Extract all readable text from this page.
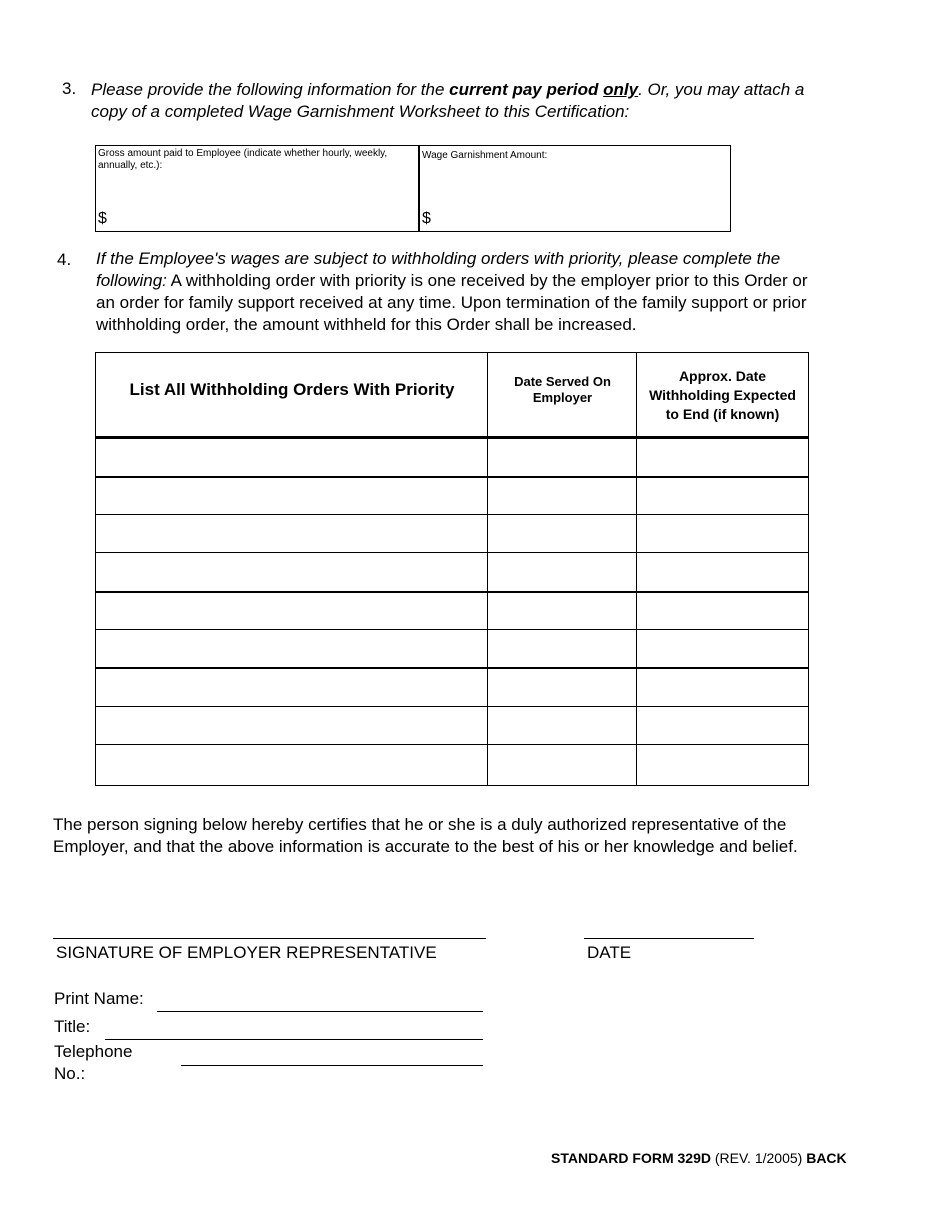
3. Please provide the following information for the current pay period only. Or, you may attach a
copy of a completed Wage Garnishment Worksheet to this Certification:
Gross amount paid to Employee (indicate whether hourly, weekly, annually, etc.):
$
Wage Garnishment Amount:
$
4. If the Employee's wages are subject to withholding orders with priority, please complete the
following: A withholding order with priority is one received by the employer prior to this Order or
an order for family support received at any time. Upon termination of the family support or prior
withholding order, the amount withheld for this Order shall be increased.
List All Withholding Orders With Priority	Date Served On Employer
Approx. Date Withholding Expected to End (if known)
The person signing below hereby certifies that he or she is a duly authorized representative of the
Employer, and that the above information is accurate to the best of his or her knowledge and belief.
SIGNATURE OF EMPLOYER REPRESENTATIVE	DATE
Print Name:
Title:
Telephone
No.:
STANDARD FORM 329D (REV. 1/2005) BACK
